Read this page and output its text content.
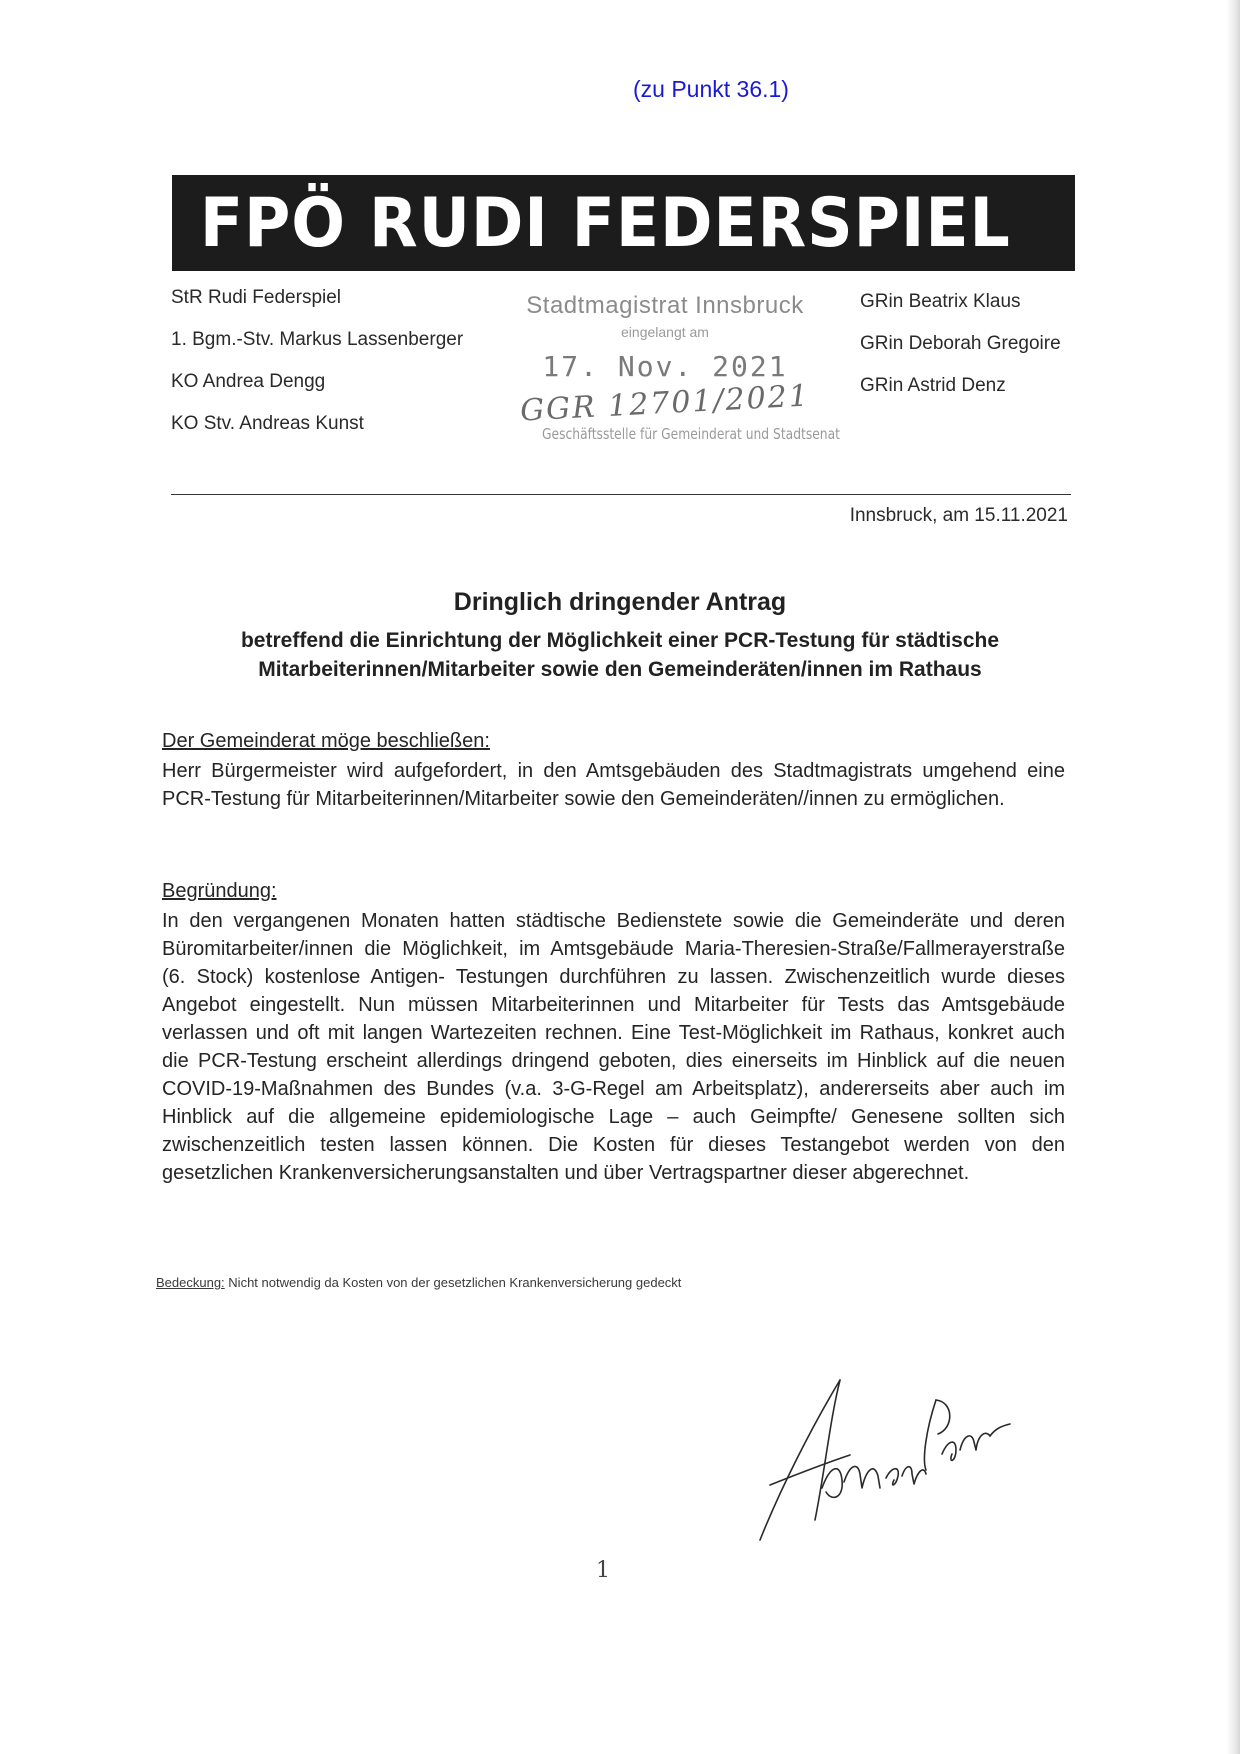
(zu Punkt 36.1)
FPÖ RUDI FEDERSPIEL
StR Rudi Federspiel
1. Bgm.-Stv. Markus Lassenberger
KO Andrea Dengg
KO Stv. Andreas Kunst
Stadtmagistrat Innsbruck
eingelangt am
17. Nov. 2021
GGR 12701/2021
Geschäftsstelle für Gemeinderat und Stadtsenat
GRin Beatrix Klaus
GRin Deborah Gregoire
GRin Astrid Denz
Innsbruck, am 15.11.2021
Dringlich dringender Antrag
betreffend die Einrichtung der Möglichkeit einer PCR-Testung für städtische Mitarbeiterinnen/Mitarbeiter sowie den Gemeinderäten/innen im Rathaus
Der Gemeinderat möge beschließen:
Herr Bürgermeister wird aufgefordert, in den Amtsgebäuden des Stadtmagistrats umgehend eine PCR-Testung für Mitarbeiterinnen/Mitarbeiter sowie den Gemeinderäten//innen zu ermöglichen.
Begründung:
In den vergangenen Monaten hatten städtische Bedienstete sowie die Gemeinderäte und deren Büromitarbeiter/innen die Möglichkeit, im Amtsgebäude Maria-Theresien-Straße/Fallmerayerstraße (6. Stock) kostenlose Antigen- Testungen durchführen zu lassen. Zwischenzeitlich wurde dieses Angebot eingestellt. Nun müssen Mitarbeiterinnen und Mitarbeiter für Tests das Amtsgebäude verlassen und oft mit langen Wartezeiten rechnen. Eine Test-Möglichkeit im Rathaus, konkret auch die PCR-Testung erscheint allerdings dringend geboten, dies einerseits im Hinblick auf die neuen COVID-19-Maßnahmen des Bundes (v.a. 3-G-Regel am Arbeitsplatz), andererseits aber auch im Hinblick auf die allgemeine epidemiologische Lage – auch Geimpfte/ Genesene sollten sich zwischenzeitlich testen lassen können. Die Kosten für dieses Testangebot werden von den gesetzlichen Krankenversicherungsanstalten und über Vertragspartner dieser abgerechnet.
Bedeckung: Nicht notwendig da Kosten von der gesetzlichen Krankenversicherung gedeckt
1
